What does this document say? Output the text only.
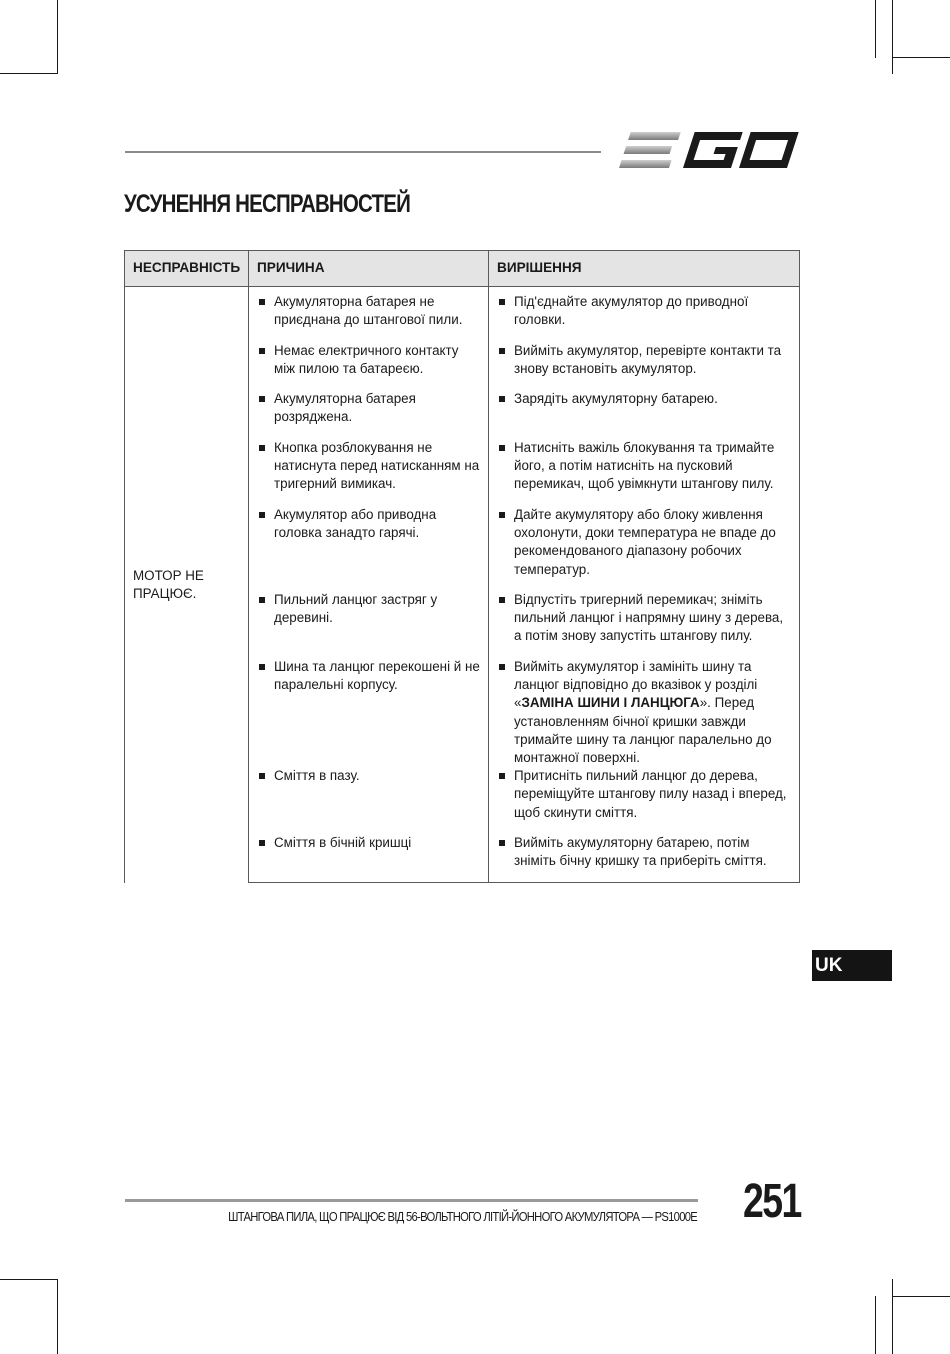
УСУНЕННЯ НЕСПРАВНОСТЕЙ
НЕСПРАВНІСТЬ	ПРИЧИНА	ВИРІШЕННЯ
МОТОР НЕ ПРАЦЮЄ.	Акумуляторна батарея не приєднана до штангової пили.	Під'єднайте акумулятор до приводної головки.

Немає електричного контакту між пилою та батареєю.	Вийміть акумулятор, перевірте контакти та знову встановіть акумулятор.

Акумуляторна батарея розряджена.	Зарядіть акумуляторну батарею.

Кнопка розблокування не натиснута перед натисканням на тригерний вимикач.	Натисніть важіль блокування та тримайте його, а потім натисніть на пусковий перемикач, щоб увімкнути штангову пилу.

Акумулятор або приводна головка занадто гарячі.	Дайте акумулятору або блоку живлення охолонути, доки температура не впаде до рекомендованого діапазону робочих температур.

Пильний ланцюг застряг у деревині.	Відпустіть тригерний перемикач; зніміть пильний ланцюг і напрямну шину з дерева, а потім знову запустіть штангову пилу.

Шина та ланцюг перекошені й не паралельні корпусу.	Вийміть акумулятор і замініть шину та ланцюг відповідно до вказівок у розділі «ЗАМІНА ШИНИ І ЛАНЦЮГА». Перед установленням бічної кришки завжди тримайте шину та ланцюг паралельно до монтажної поверхні.

Сміття в пазу.	Притисніть пильний ланцюг до дерева, переміщуйте штангову пилу назад і вперед, щоб скинути сміття.

Сміття в бічній кришці	Вийміть акумуляторну батарею, потім зніміть бічну кришку та приберіть сміття.
UK
ШТАНГОВА ПИЛА, ЩО ПРАЦЮЄ ВІД 56-ВОЛЬТНОГО ЛІТІЙ-ЙОННОГО АКУМУЛЯТОРА — PS1000E 251
